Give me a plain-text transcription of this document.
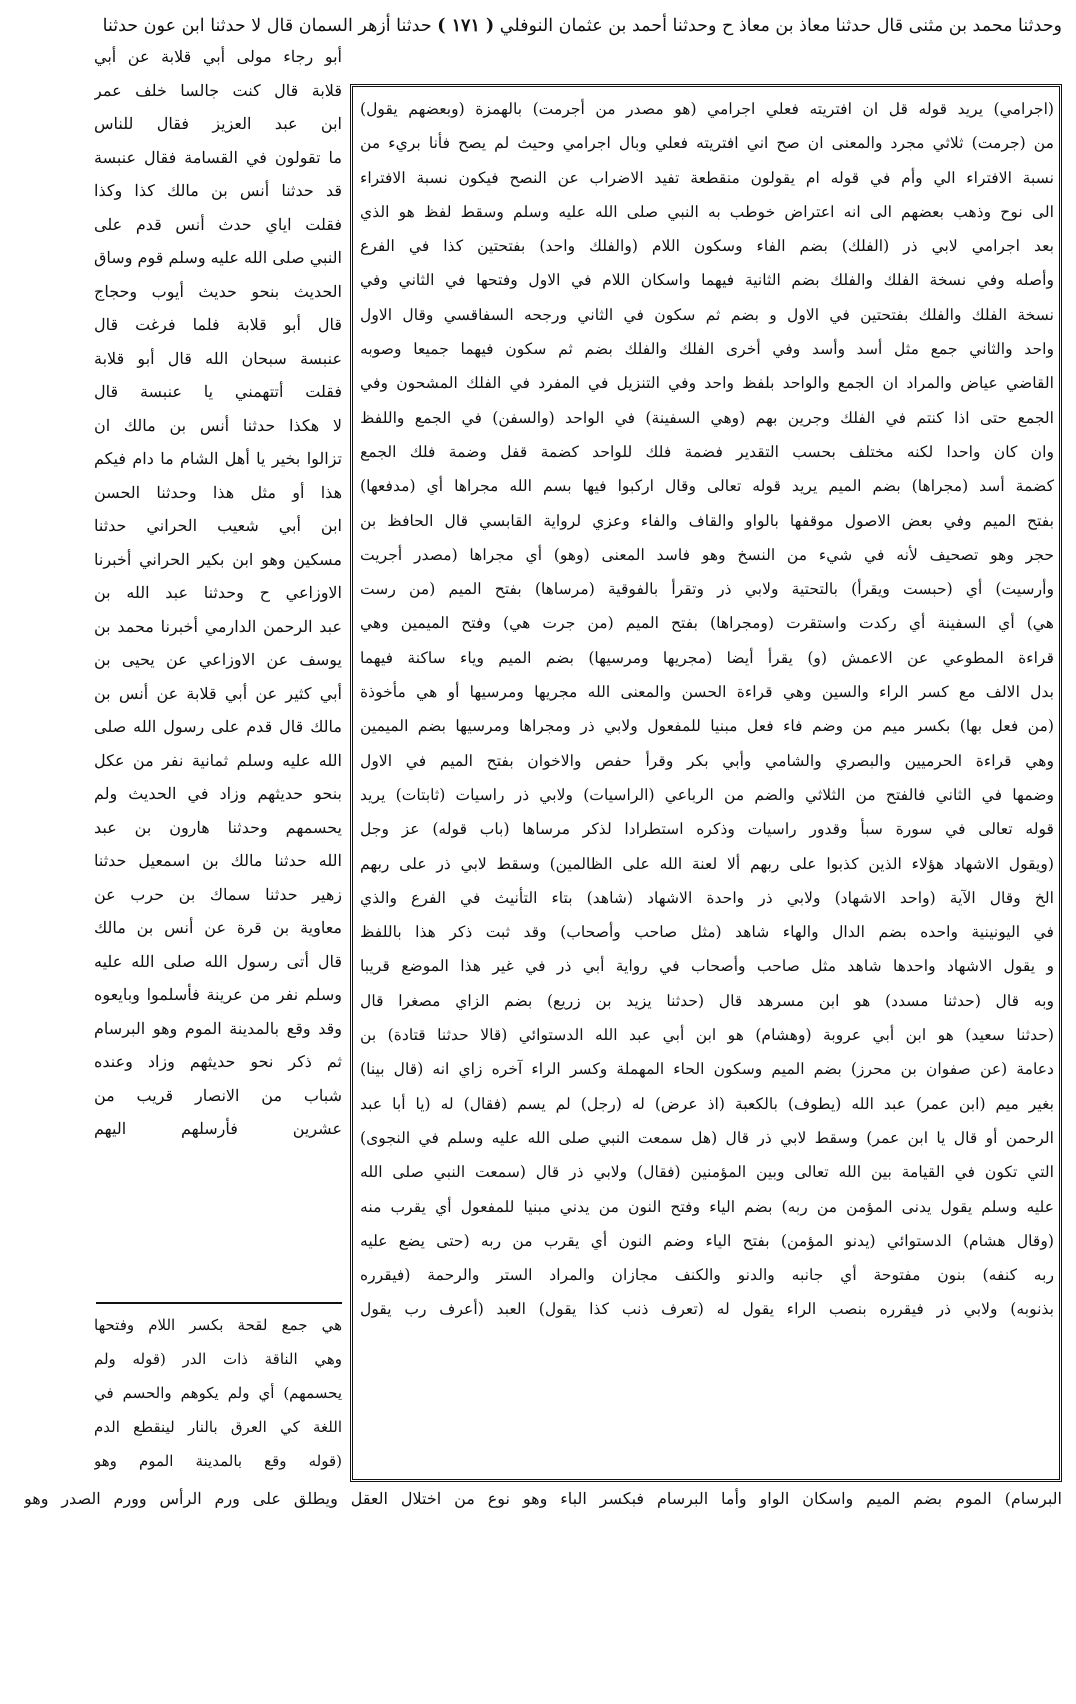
وحدثنا محمد بن مثنى قال حدثنا معاذ بن معاذ ح وحدثنا أحمد بن عثمان النوفلي ( ١٧١ ) حدثنا أزهر السمان قال لا حدثنا ابن عون حدثنا
(اجرامي) يريد قوله قل ان افتريته فعلي اجرامي (هو مصدر من أجرمت) بالهمزة (وبعضهم يقول)
من (جرمت) ثلاثي مجرد والمعنى ان صح اني افتريته فعلي وبال اجرامي وحيث لم يصح فأنا بريء من
نسبة الافتراء الي وأم في قوله ام يقولون منقطعة تفيد الاضراب عن النصح فيكون نسبة الافتراء
الى نوح وذهب بعضهم الى انه اعتراض خوطب به النبي صلى الله عليه وسلم وسقط لفظ هو الذي
بعد اجرامي لابي ذر (الفلك) بضم الفاء وسكون اللام (والفلك واحد) بفتحتين كذا في الفرع
وأصله وفي نسخة الفلك والفلك بضم الثانية فيهما واسكان اللام في الاول وفتحها في الثاني وفي
نسخة الفلك والفلك بفتحتين في الاول و بضم ثم سكون في الثاني ورجحه السفاقسي وقال الاول
واحد والثاني جمع مثل أسد وأسد وفي أخرى الفلك والفلك بضم ثم سكون فيهما جميعا وصوبه
القاضي عياض والمراد ان الجمع والواحد بلفظ واحد وفي التنزيل في المفرد في الفلك المشحون وفي
الجمع حتى اذا كنتم في الفلك وجرين بهم (وهي السفينة) في الواحد (والسفن) في الجمع واللفظ
وان كان واحدا لكنه مختلف بحسب التقدير فضمة فلك للواحد كضمة قفل وضمة فلك الجمع
كضمة أسد (مجراها) بضم الميم يريد قوله تعالى وقال اركبوا فيها بسم الله مجراها أي (مدفعها)
بفتح الميم وفي بعض الاصول موقفها بالواو والقاف والفاء وعزي لرواية القابسي قال الحافظ بن
حجر وهو تصحيف لأنه في شيء من النسخ وهو فاسد المعنى (وهو) أي مجراها (مصدر أجريت
وأرسيت) أي (حبست ويقرأ) بالتحتية ولابي ذر وتقرأ بالفوقية (مرساها) بفتح الميم (من رست
هي) أي السفينة أي ركدت واستقرت (ومجراها) بفتح الميم (من جرت هي) وفتح الميمين وهي
قراءة المطوعي عن الاعمش (و) يقرأ أيضا (مجريها ومرسيها) بضم الميم وياء ساكنة فيهما
بدل الالف مع كسر الراء والسين وهي قراءة الحسن والمعنى الله مجريها ومرسيها أو هي مأخوذة
(من فعل بها) بكسر ميم من وضم فاء فعل مبنيا للمفعول ولابي ذر ومجراها ومرسيها بضم الميمين
وهي قراءة الحرميين والبصري والشامي وأبي بكر وقرأ حفص والاخوان بفتح الميم في الاول
وضمها في الثاني فالفتح من الثلاثي والضم من الرباعي (الراسيات) ولابي ذر راسيات (ثابتات) يريد
قوله تعالى في سورة سبأ وقدور راسيات وذكره استطرادا لذكر مرساها (باب قوله) عز وجل
(ويقول الاشهاد هؤلاء الذين كذبوا على ربهم ألا لعنة الله على الظالمين) وسقط لابي ذر على ربهم
الخ وقال الآية (واحد الاشهاد) ولابي ذر واحدة الاشهاد (شاهد) بتاء التأنيث في الفرع والذي
في اليونينية واحده بضم الدال والهاء شاهد (مثل صاحب وأصحاب) وقد ثبت ذكر هذا باللفظ
و يقول الاشهاد واحدها شاهد مثل صاحب وأصحاب في رواية أبي ذر في غير هذا الموضع قريبا
وبه قال (حدثنا مسدد) هو ابن مسرهد قال (حدثنا يزيد بن زريع) بضم الزاي مصغرا قال
(حدثنا سعيد) هو ابن أبي عروبة (وهشام) هو ابن أبي عبد الله الدستوائي (قالا حدثنا قتادة) بن
دعامة (عن صفوان بن محرز) بضم الميم وسكون الحاء المهملة وكسر الراء آخره زاي انه (قال بينا)
بغير ميم (ابن عمر) عبد الله (يطوف) بالكعبة (اذ عرض) له (رجل) لم يسم (فقال) له (يا أبا عبد
الرحمن أو قال يا ابن عمر) وسقط لابي ذر قال (هل سمعت النبي صلى الله عليه وسلم في النجوى)
التي تكون في القيامة بين الله تعالى وبين المؤمنين (فقال) ولابي ذر قال (سمعت النبي صلى الله
عليه وسلم يقول يدنى المؤمن من ربه) بضم الياء وفتح النون من يدني مبنيا للمفعول أي يقرب منه
(وقال هشام) الدستوائي (يدنو المؤمن) بفتح الياء وضم النون أي يقرب من ربه (حتى يضع عليه
ربه كنفه) بنون مفتوحة أي جانبه والدنو والكنف مجازان والمراد الستر والرحمة (فيقرره
بذنوبه) ولابي ذر فيقرره بنصب الراء يقول له (تعرف ذنب كذا يقول) العبد (أعرف رب يقول
أبو رجاء مولى أبي قلابة عن أبي
قلابة قال كنت جالسا خلف عمر
ابن عبد العزيز فقال للناس
ما تقولون في القسامة فقال عنبسة
قد حدثنا أنس بن مالك كذا وكذا
فقلت اياي حدث أنس قدم على
النبي صلى الله عليه وسلم قوم وساق
الحديث بنحو حديث أيوب وحجاج
قال أبو قلابة فلما فرغت قال
عنبسة سبحان الله قال أبو قلابة
فقلت أتتهمني يا عنبسة قال
لا هكذا حدثنا أنس بن مالك ان
تزالوا بخير يا أهل الشام ما دام فيكم
هذا أو مثل هذا وحدثنا الحسن
ابن أبي شعيب الحراني حدثنا
مسكين وهو ابن بكير الحراني أخبرنا
الاوزاعي ح وحدثنا عبد الله بن
عبد الرحمن الدارمي أخبرنا محمد بن
يوسف عن الاوزاعي عن يحيى بن
أبي كثير عن أبي قلابة عن أنس بن
مالك قال قدم على رسول الله صلى
الله عليه وسلم ثمانية نفر من عكل
بنحو حديثهم وزاد في الحديث ولم
يحسمهم وحدثنا هارون بن عبد
الله حدثنا مالك بن اسمعيل حدثنا
زهير حدثنا سماك بن حرب عن
معاوية بن قرة عن أنس بن مالك
قال أتى رسول الله صلى الله عليه
وسلم نفر من عرينة فأسلموا وبايعوه
وقد وقع بالمدينة الموم وهو البرسام
ثم ذكر نحو حديثهم وزاد وعنده
شباب من الانصار قريب من
عشرين فأرسلهم اليهم
هي جمع لقحة بكسر اللام وفتحها
وهي الناقة ذات الدر (قوله ولم
يحسمهم) أي ولم يكوهم والحسم في
اللغة كي العرق بالنار لينقطع الدم
(قوله وقع بالمدينة الموم وهو
البرسام) الموم بضم الميم واسكان الواو وأما البرسام فبكسر الباء وهو نوع من اختلال العقل ويطلق على ورم الرأس وورم الصدر وهو
